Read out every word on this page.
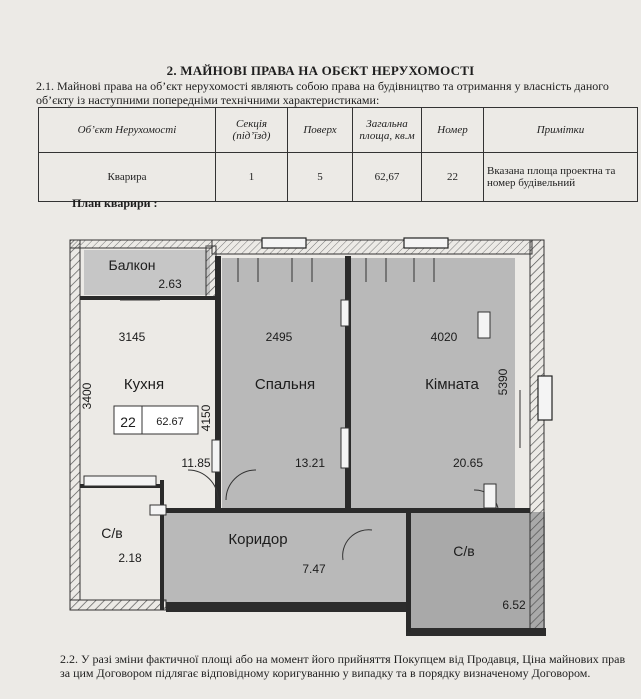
2. МАЙНОВІ ПРАВА НА ОБЄКТ НЕРУХОМОСТІ
2.1. Майнові права на об’єкт нерухомості являють собою права на будівництво та отримання у власність даного об’єкту із наступними попередніми технічними характеристиками:
Об’єкт Нерухомості	Секція (під’їзд)	Поверх	Загальна площа, кв.м	Номер	Примітки
Кварира	1	5	62,67	22	Вказана площа проектна та номер будівельний
План кварири :
22 62.67
Балкон
2.63
3145	2495	4020
3400
4150
5390
Кухня
11.85
Спальня
13.21
Кімната
20.65
С/в
2.18
Коридор
7.47
С/в
6.52
2.2. У разі зміни фактичної площі або на момент його прийняття Покупцем від Продавця, Ціна майнових прав за цим Договором підлягає відповідному коригуванню у випадку та в порядку визначеному Договором.
